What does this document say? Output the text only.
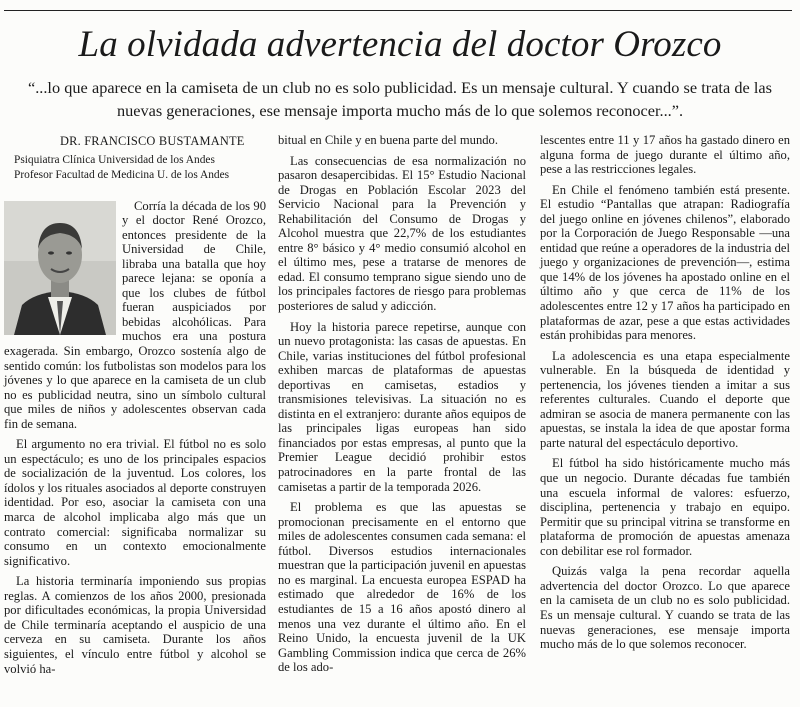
La olvidada advertencia del doctor Orozco
“...lo que aparece en la camiseta de un club no es solo publicidad. Es un mensaje cultural. Y cuando se trata de las nuevas generaciones, ese mensaje importa mucho más de lo que solemos reconocer...”.
DR. FRANCISCO BUSTAMANTE
Psiquiatra Clínica Universidad de los Andes
Profesor Facultad de Medicina U. de los Andes

Corría la década de los 90 y el doctor René Orozco, entonces presidente de la Universidad de Chile, libraba una batalla que hoy parece lejana: se oponía a que los clubes de fútbol fueran auspiciados por bebidas alcohólicas. Para muchos era una postura exagerada. Sin embargo, Orozco sostenía algo de sentido común: los futbolistas son modelos para los jóvenes y lo que aparece en la camiseta de un club no es publicidad neutra, sino un símbolo cultural que miles de niños y adolescentes observan cada fin de semana.

El argumento no era trivial. El fútbol no es solo un espectáculo; es uno de los principales espacios de socialización de la juventud. Los colores, los ídolos y los rituales asociados al deporte construyen identidad. Por eso, asociar la camiseta con una marca de alcohol implicaba algo más que un contrato comercial: significaba normalizar su consumo en un contexto emocionalmente significativo.

La historia terminaría imponiendo sus propias reglas. A comienzos de los años 2000, presionada por dificultades económicas, la propia Universidad de Chile terminaría aceptando el auspicio de una cerveza en su camiseta. Durante los años siguientes, el vínculo entre fútbol y alcohol se volvió ha-

bitual en Chile y en buena parte del mundo.

Las consecuencias de esa normalización no pasaron desapercibidas. El 15° Estudio Nacional de Drogas en Población Escolar 2023 del Servicio Nacional para la Prevención y Rehabilitación del Consumo de Drogas y Alcohol muestra que 22,7% de los estudiantes entre 8° básico y 4° medio consumió alcohol en el último mes, pese a tratarse de menores de edad. El consumo temprano sigue siendo uno de los principales factores de riesgo para problemas posteriores de salud y adicción.

Hoy la historia parece repetirse, aunque con un nuevo protagonista: las casas de apuestas. En Chile, varias instituciones del fútbol profesional exhiben marcas de plataformas de apuestas deportivas en camisetas, estadios y transmisiones televisivas. La situación no es distinta en el extranjero: durante años equipos de las principales ligas europeas han sido financiados por estas empresas, al punto que la Premier League decidió prohibir estos patrocinadores en la parte frontal de las camisetas a partir de la temporada 2026.

El problema es que las apuestas se promocionan precisamente en el entorno que miles de adolescentes consumen cada semana: el fútbol. Diversos estudios internacionales muestran que la participación juvenil en apuestas no es marginal. La encuesta europea ESPAD ha estimado que alrededor de 16% de los estudiantes de 15 a 16 años apostó dinero al menos una vez durante el último año. En el Reino Unido, la encuesta juvenil de la UK Gambling Commission indica que cerca de 26% de los ado-

lescentes entre 11 y 17 años ha gastado dinero en alguna forma de juego durante el último año, pese a las restricciones legales.

En Chile el fenómeno también está presente. El estudio “Pantallas que atrapan: Radiografía del juego online en jóvenes chilenos”, elaborado por la Corporación de Juego Responsable —una entidad que reúne a operadores de la industria del juego y organizaciones de prevención—, estima que 14% de los jóvenes ha apostado online en el último año y que cerca de 11% de los adolescentes entre 12 y 17 años ha participado en plataformas de azar, pese a que estas actividades están prohibidas para menores.

La adolescencia es una etapa especialmente vulnerable. En la búsqueda de identidad y pertenencia, los jóvenes tienden a imitar a sus referentes culturales. Cuando el deporte que admiran se asocia de manera permanente con las apuestas, se instala la idea de que apostar forma parte natural del espectáculo deportivo.

El fútbol ha sido históricamente mucho más que un negocio. Durante décadas fue también una escuela informal de valores: esfuerzo, disciplina, pertenencia y trabajo en equipo. Permitir que su principal vitrina se transforme en plataforma de promoción de apuestas amenaza con debilitar ese rol formador.

Quizás valga la pena recordar aquella advertencia del doctor Orozco. Lo que aparece en la camiseta de un club no es solo publicidad. Es un mensaje cultural. Y cuando se trata de las nuevas generaciones, ese mensaje importa mucho más de lo que solemos reconocer.
